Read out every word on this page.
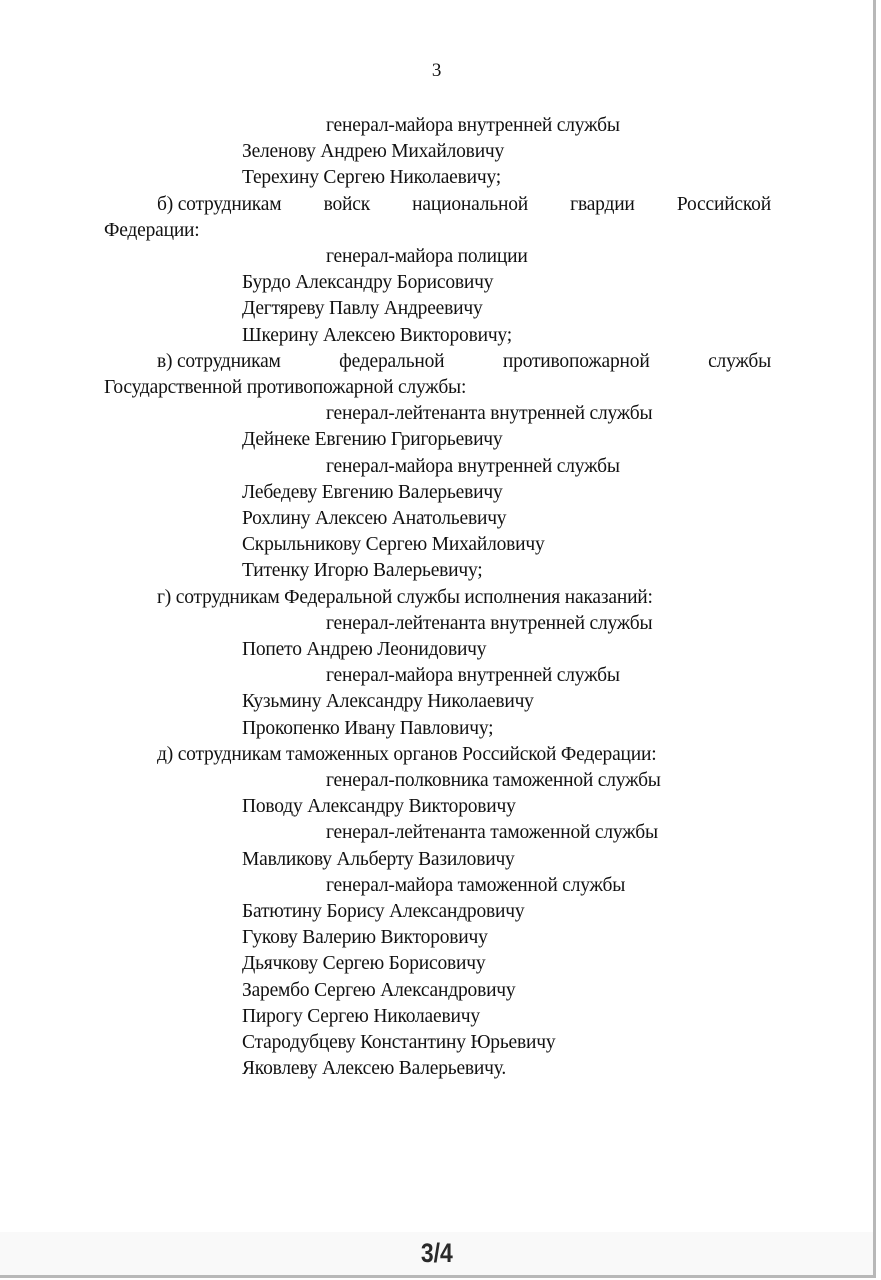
3
генерал-майора внутренней службы
Зеленову Андрею Михайловичу
Терехину Сергею Николаевичу;
б) сотрудникам войск национальной гвардии Российской
Федерации:
генерал-майора полиции
Бурдо Александру Борисовичу
Дегтяреву Павлу Андреевичу
Шкерину Алексею Викторовичу;
в) сотрудникам	федеральной	противопожарной	службы
Государственной противопожарной службы:
генерал-лейтенанта внутренней службы
Дейнеке Евгению Григорьевичу
генерал-майора внутренней службы
Лебедеву Евгению Валерьевичу
Рохлину Алексею Анатольевичу
Скрыльникову Сергею Михайловичу
Титенку Игорю Валерьевичу;
г) сотрудникам Федеральной службы исполнения наказаний:
генерал-лейтенанта внутренней службы
Попето Андрею Леонидовичу
генерал-майора внутренней службы
Кузьмину Александру Николаевичу
Прокопенко Ивану Павловичу;
д) сотрудникам таможенных органов Российской Федерации:
генерал-полковника таможенной службы
Поводу Александру Викторовичу
генерал-лейтенанта таможенной службы
Мавликову Альберту Вазиловичу
генерал-майора таможенной службы
Батютину Борису Александровичу
Гукову Валерию Викторовичу
Дьячкову Сергею Борисовичу
Зарембо Сергею Александровичу
Пирогу Сергею Николаевичу
Стародубцеву Константину Юрьевичу
Яковлеву Алексею Валерьевичу.
3/4
